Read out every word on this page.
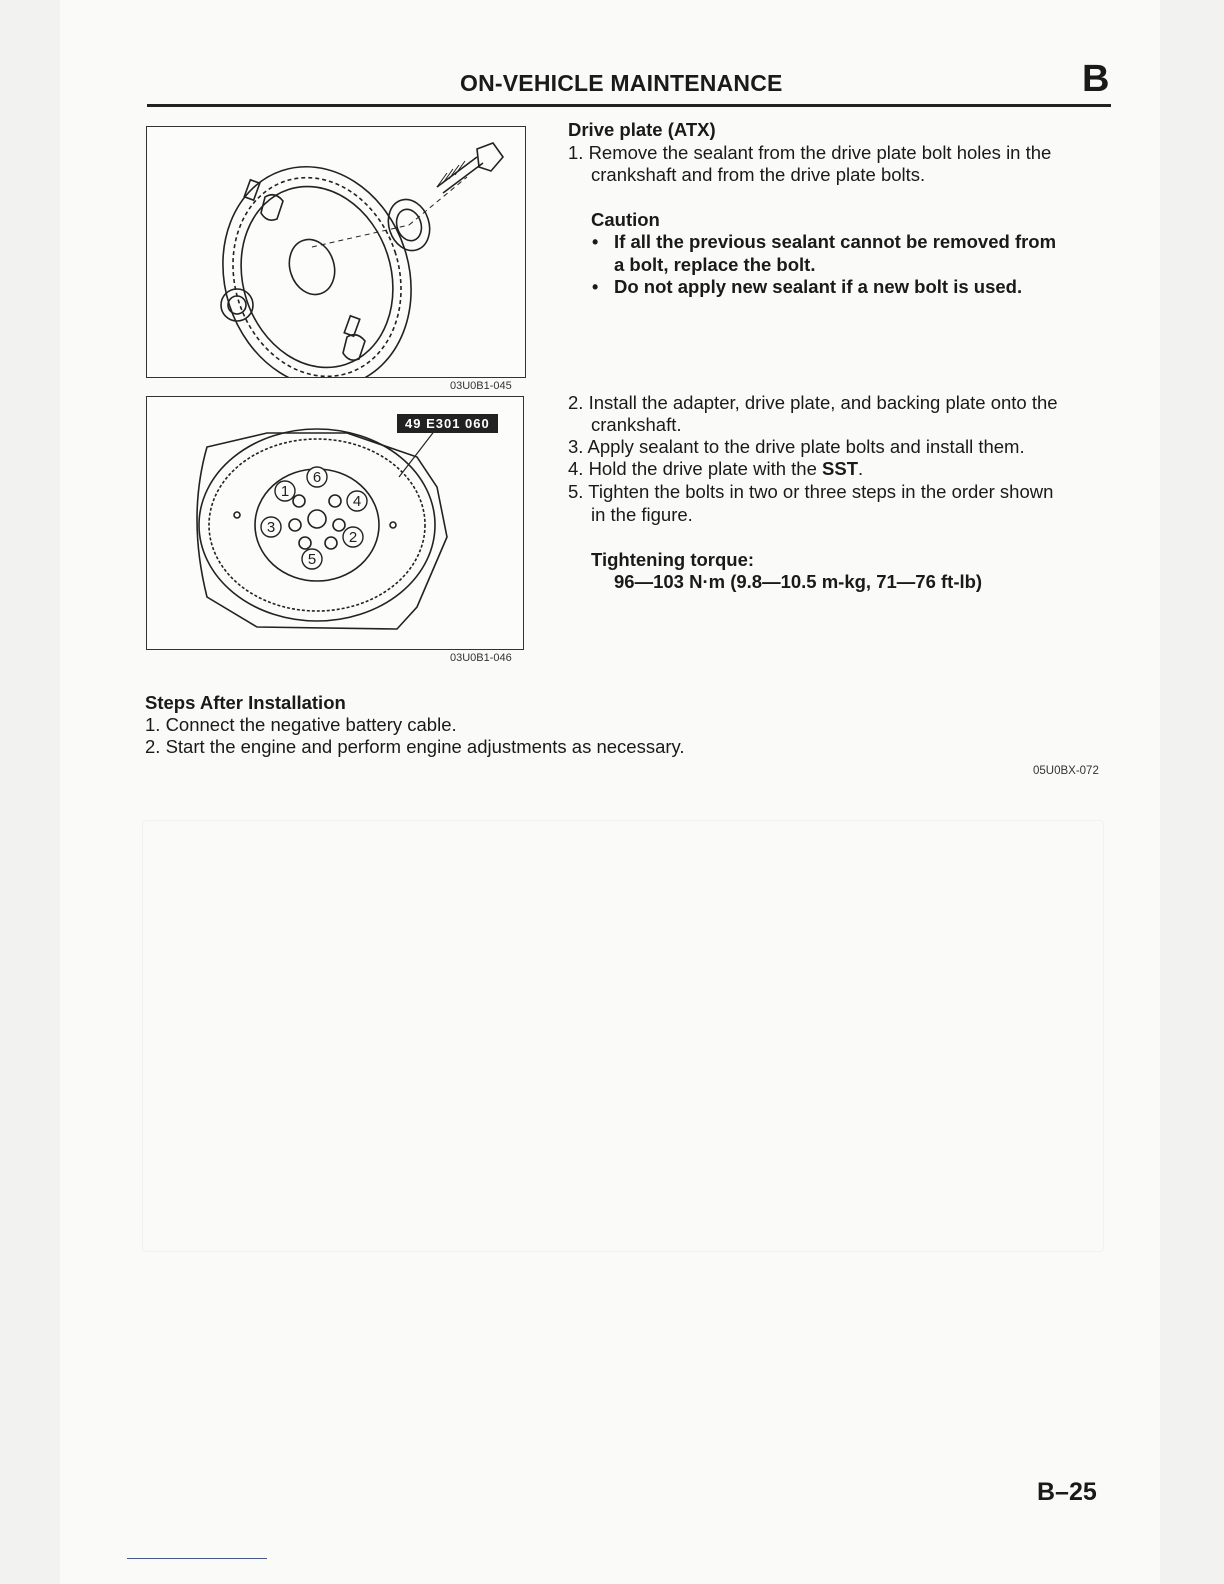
ON-VEHICLE MAINTENANCE	B
03U0B1-045
1
2
3
4
5
6
49 E301 060
03U0B1-046
Drive plate (ATX)
1. Remove the sealant from the drive plate bolt holes in the
crankshaft and from the drive plate bolts.
Caution
• If all the previous sealant cannot be removed from
a bolt, replace the bolt.
• Do not apply new sealant if a new bolt is used.
2. Install the adapter, drive plate, and backing plate onto the
crankshaft.
3. Apply sealant to the drive plate bolts and install them.
4. Hold the drive plate with the SST.
5. Tighten the bolts in two or three steps in the order shown
in the figure.
Tightening torque:
96—103 N·m (9.8—10.5 m-kg, 71—76 ft-lb)
Steps After Installation
1. Connect the negative battery cable.
2. Start the engine and perform engine adjustments as necessary.
05U0BX-072
B–25
